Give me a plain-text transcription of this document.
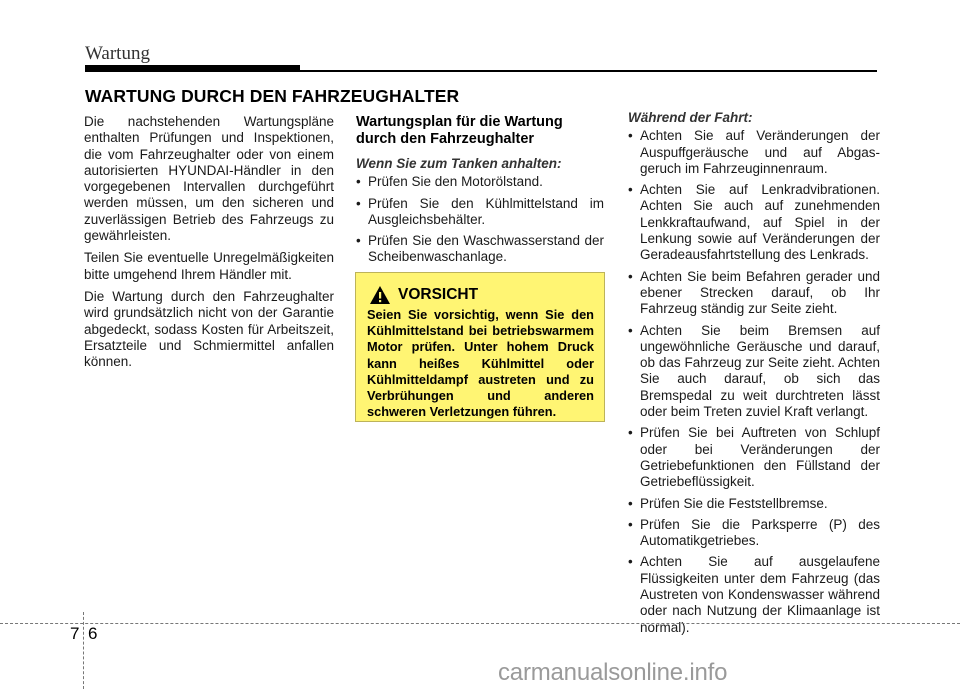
Wartung
WARTUNG DURCH DEN FAHRZEUGHALTER

Die nachstehenden Wartungspläne enthalten Prüfungen und Inspektionen, die vom Fahrzeughalter oder von einem autorisierten HYUNDAI-Händler in den vorgegebenen Intervallen durchgeführt werden müssen, um den sicheren und zuverlässigen Betrieb des Fahrzeugs zu gewährleisten.

Teilen Sie eventuelle Unregelmäßigkeiten bitte umgehend Ihrem Händler mit.

Die Wartung durch den Fahrzeughalter wird grundsätzlich nicht von der Garantie abgedeckt, sodass Kosten für Arbeitszeit, Ersatzteile und Schmiermittel anfallen können.

Wartungsplan für die Wartung durch den Fahrzeughalter
Wenn Sie zum Tanken anhalten:
• Prüfen Sie den Motorölstand.
• Prüfen Sie den Kühlmittelstand im Ausgleichsbehälter.
• Prüfen Sie den Waschwasserstand der Scheibenwaschanlage.
•
VORSICHT

Seien Sie vorsichtig, wenn Sie den Kühlmittelstand bei betriebswarmem Motor prüfen. Unter hohem Druck kann heißes Kühlmittel oder Kühlmitteldampf austreten und zu Verbrühungen und anderen schweren Verletzungen führen.

Während der Fahrt:
• Achten Sie auf Veränderungen der Auspuffgeräusche und auf Abgas-geruch im Fahrzeuginnenraum.
• Achten Sie auf Lenkradvibrationen. Achten Sie auch auf zunehmenden Lenkkraftaufwand, auf Spiel in der Lenkung sowie auf Veränderungen der Geradeausfahrtstellung des Lenkrads.
• Achten Sie beim Befahren gerader und ebener Strecken darauf, ob Ihr Fahrzeug ständig zur Seite zieht.
• Achten Sie beim Bremsen auf ungewöhnliche Geräusche und darauf, ob das Fahrzeug zur Seite zieht. Achten Sie auch darauf, ob sich das Bremspedal zu weit durchtreten lässt oder beim Treten zuviel Kraft verlangt.
• Prüfen Sie bei Auftreten von Schlupf oder bei Veränderungen der Getriebefunktionen den Füllstand der Getriebeflüssigkeit.
• Prüfen Sie die Feststellbremse.
• Prüfen Sie die Parksperre (P) des Automatikgetriebes.
• Achten Sie auf ausgelaufene Flüssigkeiten unter dem Fahrzeug (das Austreten von Kondenswasser während oder nach Nutzung der Klimaanlage ist normal).
7 6
carmanualsonline.info
